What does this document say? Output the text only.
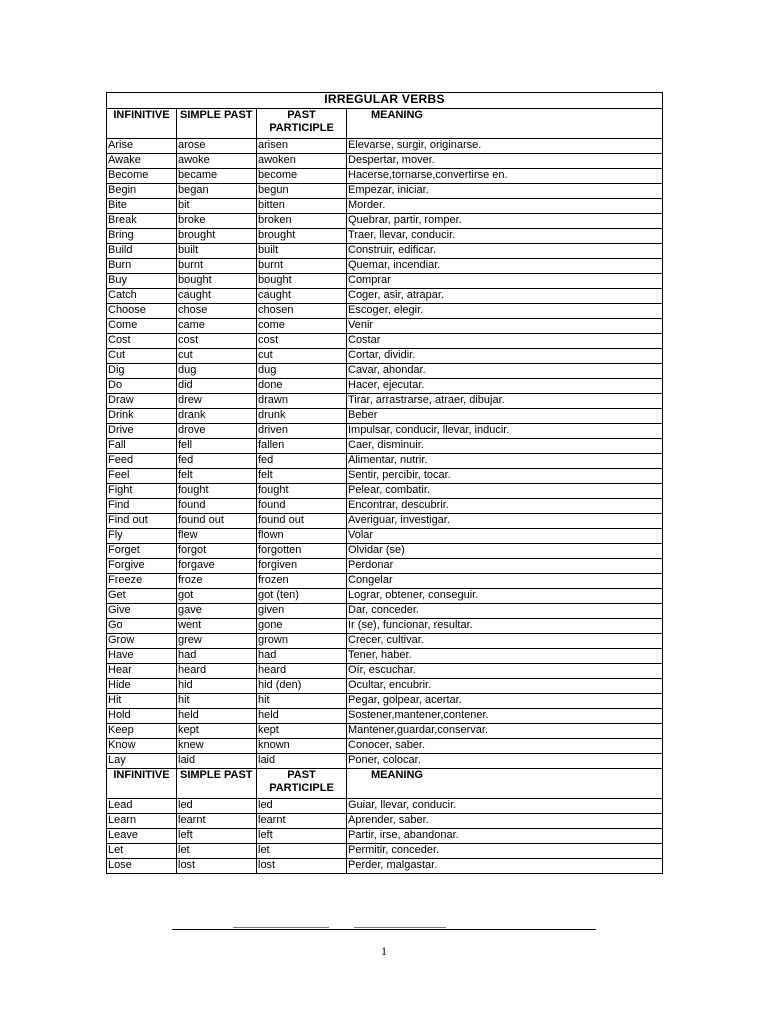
IRREGULAR VERBS			
INFINITIVE	SIMPLE PAST	PAST PARTICIPLE	MEANING
Arise	arose	arisen	Elevarse, surgir, originarse.
Awake	awoke	awoken	Despertar, mover.
Become	became	become	Hacerse,tornarse,convertirse en.
Begin	began	begun	Empezar, iniciar.
Bite	bit	bitten	Morder.
Break	broke	broken	Quebrar, partir, romper.
Bring	brought	brought	Traer, llevar, conducir.
Build	built	built	Construir, edificar.
Burn	burnt	burnt	Quemar, incendiar.
Buy	bought	bought	Comprar
Catch	caught	caught	Coger, asir, atrapar.
Choose	chose	chosen	Escoger, elegir.
Come	came	come	Venir
Cost	cost	cost	Costar
Cut	cut	cut	Cortar, dividir.
Dig	dug	dug	Cavar, ahondar.
Do	did	done	Hacer, ejecutar.
Draw	drew	drawn	Tirar, arrastrarse, atraer, dibujar.
Drink	drank	drunk	Beber
Drive	drove	driven	Impulsar, conducir, llevar, inducir.
Fall	fell	fallen	Caer, disminuir.
Feed	fed	fed	Alimentar, nutrir.
Feel	felt	felt	Sentir, percibir, tocar.
Fight	fought	fought	Pelear, combatir.
Find	found	found	Encontrar, descubrir.
Find out	found out	found out	Averiguar, investigar.
Fly	flew	flown	Volar
Forget	forgot	forgotten	Olvidar (se)
Forgive	forgave	forgiven	Perdonar
Freeze	froze	frozen	Congelar
Get	got	got (ten)	Lograr, obtener, conseguir.
Give	gave	given	Dar, conceder.
Go	went	gone	Ir (se), funcionar, resultar.
Grow	grew	grown	Crecer, cultivar.
Have	had	had	Tener, haber.
Hear	heard	heard	Oír, escuchar.
Hide	hid	hid (den)	Ocultar, encubrir.
Hit	hit	hit	Pegar, golpear, acertar.
Hold	held	held	Sostener,mantener,contener.
Keep	kept	kept	Mantener,guardar,conservar.
Know	knew	known	Conocer, saber.
Lay	laid	laid	Poner, colocar.
INFINITIVE	SIMPLE PAST	PAST PARTICIPLE	MEANING
Lead	led	led	Guiar, llevar, conducir.
Learn	learnt	learnt	Aprender, saber.
Leave	left	left	Partir, irse, abandonar.
Let	let	let	Permitir, conceder.
Lose	lost	lost	Perder, malgastar.
1
